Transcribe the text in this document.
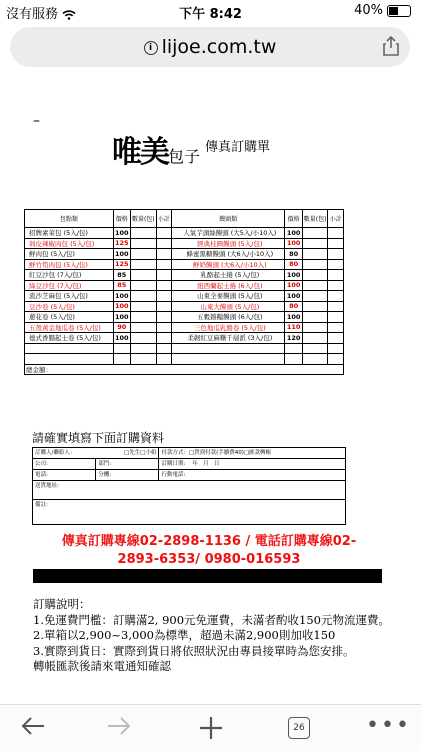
沒有服務	下午 8:42	40%
i lijoe.com.tw
–
唯美包子 傳真訂購單
包點類	價格	數量(包)	小計	饅頭類	價格	數量(包)	小計
招牌素菜包 (5入/包)	100			人氣芋頭絲饅頭 (大5入/小10入)	100		
剁皮辣椒肉包 (5入/包)	125			經典桂圓饅頭 (5入/包)	100		
鮮肉包 (5入/包)	100			蜂蜜黑糖饅頭 (大6入/小10入)	80		
鮮竹筍肉包 (5入/包)	125			鮮奶饅頭 (大6入/小10入)	80		
紅豆沙包 (7入/包)	85			乳酪起士捲 (5入/包)	100		
綠豆沙包 (7入/包)	85			紐西蘭起士捲 (6入/包)	100		
流沙芝麻包 (5入/包)	100			山東全麥饅頭 (5入/包)	100		
豆沙卷 (5入/包)	100			山東大饅頭 (5入/包)	80		
蔥花卷 (5入/包)	100			五穀雜糧饅頭 (6入/包)	100		
五殼黃金地瓜卷 (5入/包)	90			三色地瓜乳酪卷 (5入/包)	110		
德式香腸起士卷 (5入/包)	100			柔韌紅豆麻糬千層派 (3入/包)	120		

總金額：							
請確實填寫下面訂購資料
訂購人/聯絡人： □先生□小姐		付款方式：□貨到付款(手續費40)□匯款轉帳
公司:	部門:	訂購日期: 年 月 日
電話:	分機:	行動電話:
送貨地址:		
備註:		
傳真訂購專線02-2898-1136 / 電話訂購專線02-
2893-6353/ 0980-016593
訂購說明：
1.免運費門檻：訂購滿2, 900元免運費，未滿者酌收150元物流運費。
2.單箱以2,900~3,000為標準，超過未滿2,900則加收150
3.實際到貨日：實際到貨日將依照狀況由專員接單時為您安排。
轉帳匯款後請來電通知確認
26	•••
